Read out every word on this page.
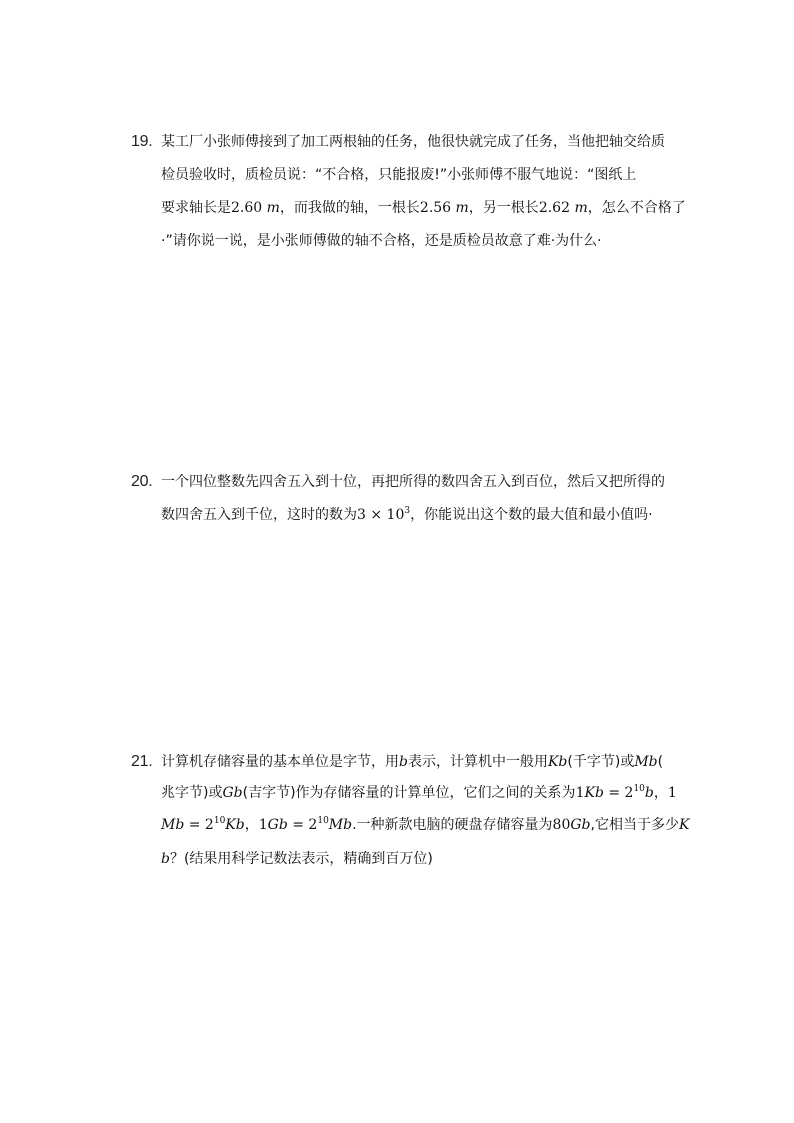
19. 某工厂小张师傅接到了加工两根轴的任务，他很快就完成了任务，当他把轴交给质
检员验收时，质检员说：“不合格，只能报废!”小张师傅不服气地说：“图纸上
要求轴长是2.60 m，而我做的轴，一根长2.56 m，另一根长2.62 m，怎么不合格了
·”请你说一说，是小张师傅做的轴不合格，还是质检员故意了难·为什么·
20. 一个四位整数先四舍五入到十位，再把所得的数四舍五入到百位，然后又把所得的
数四舍五入到千位，这时的数为$3 \times 10^3$，你能说出这个数的最大值和最小值吗·
21. 计算机存储容量的基本单位是字节，用b表示，计算机中一般用Kb(千字节)或Mb(
兆字节)或Gb(吉字节)作为存储容量的计算单位，它们之间的关系为$1Kb = 2^{10}b$，1
$Mb = 2^{10}Kb$，$1Gb = 2^{10}Mb$.一种新款电脑的硬盘存储容量为80Gb,它相当于多少K
b？(结果用科学记数法表示，精确到百万位)
